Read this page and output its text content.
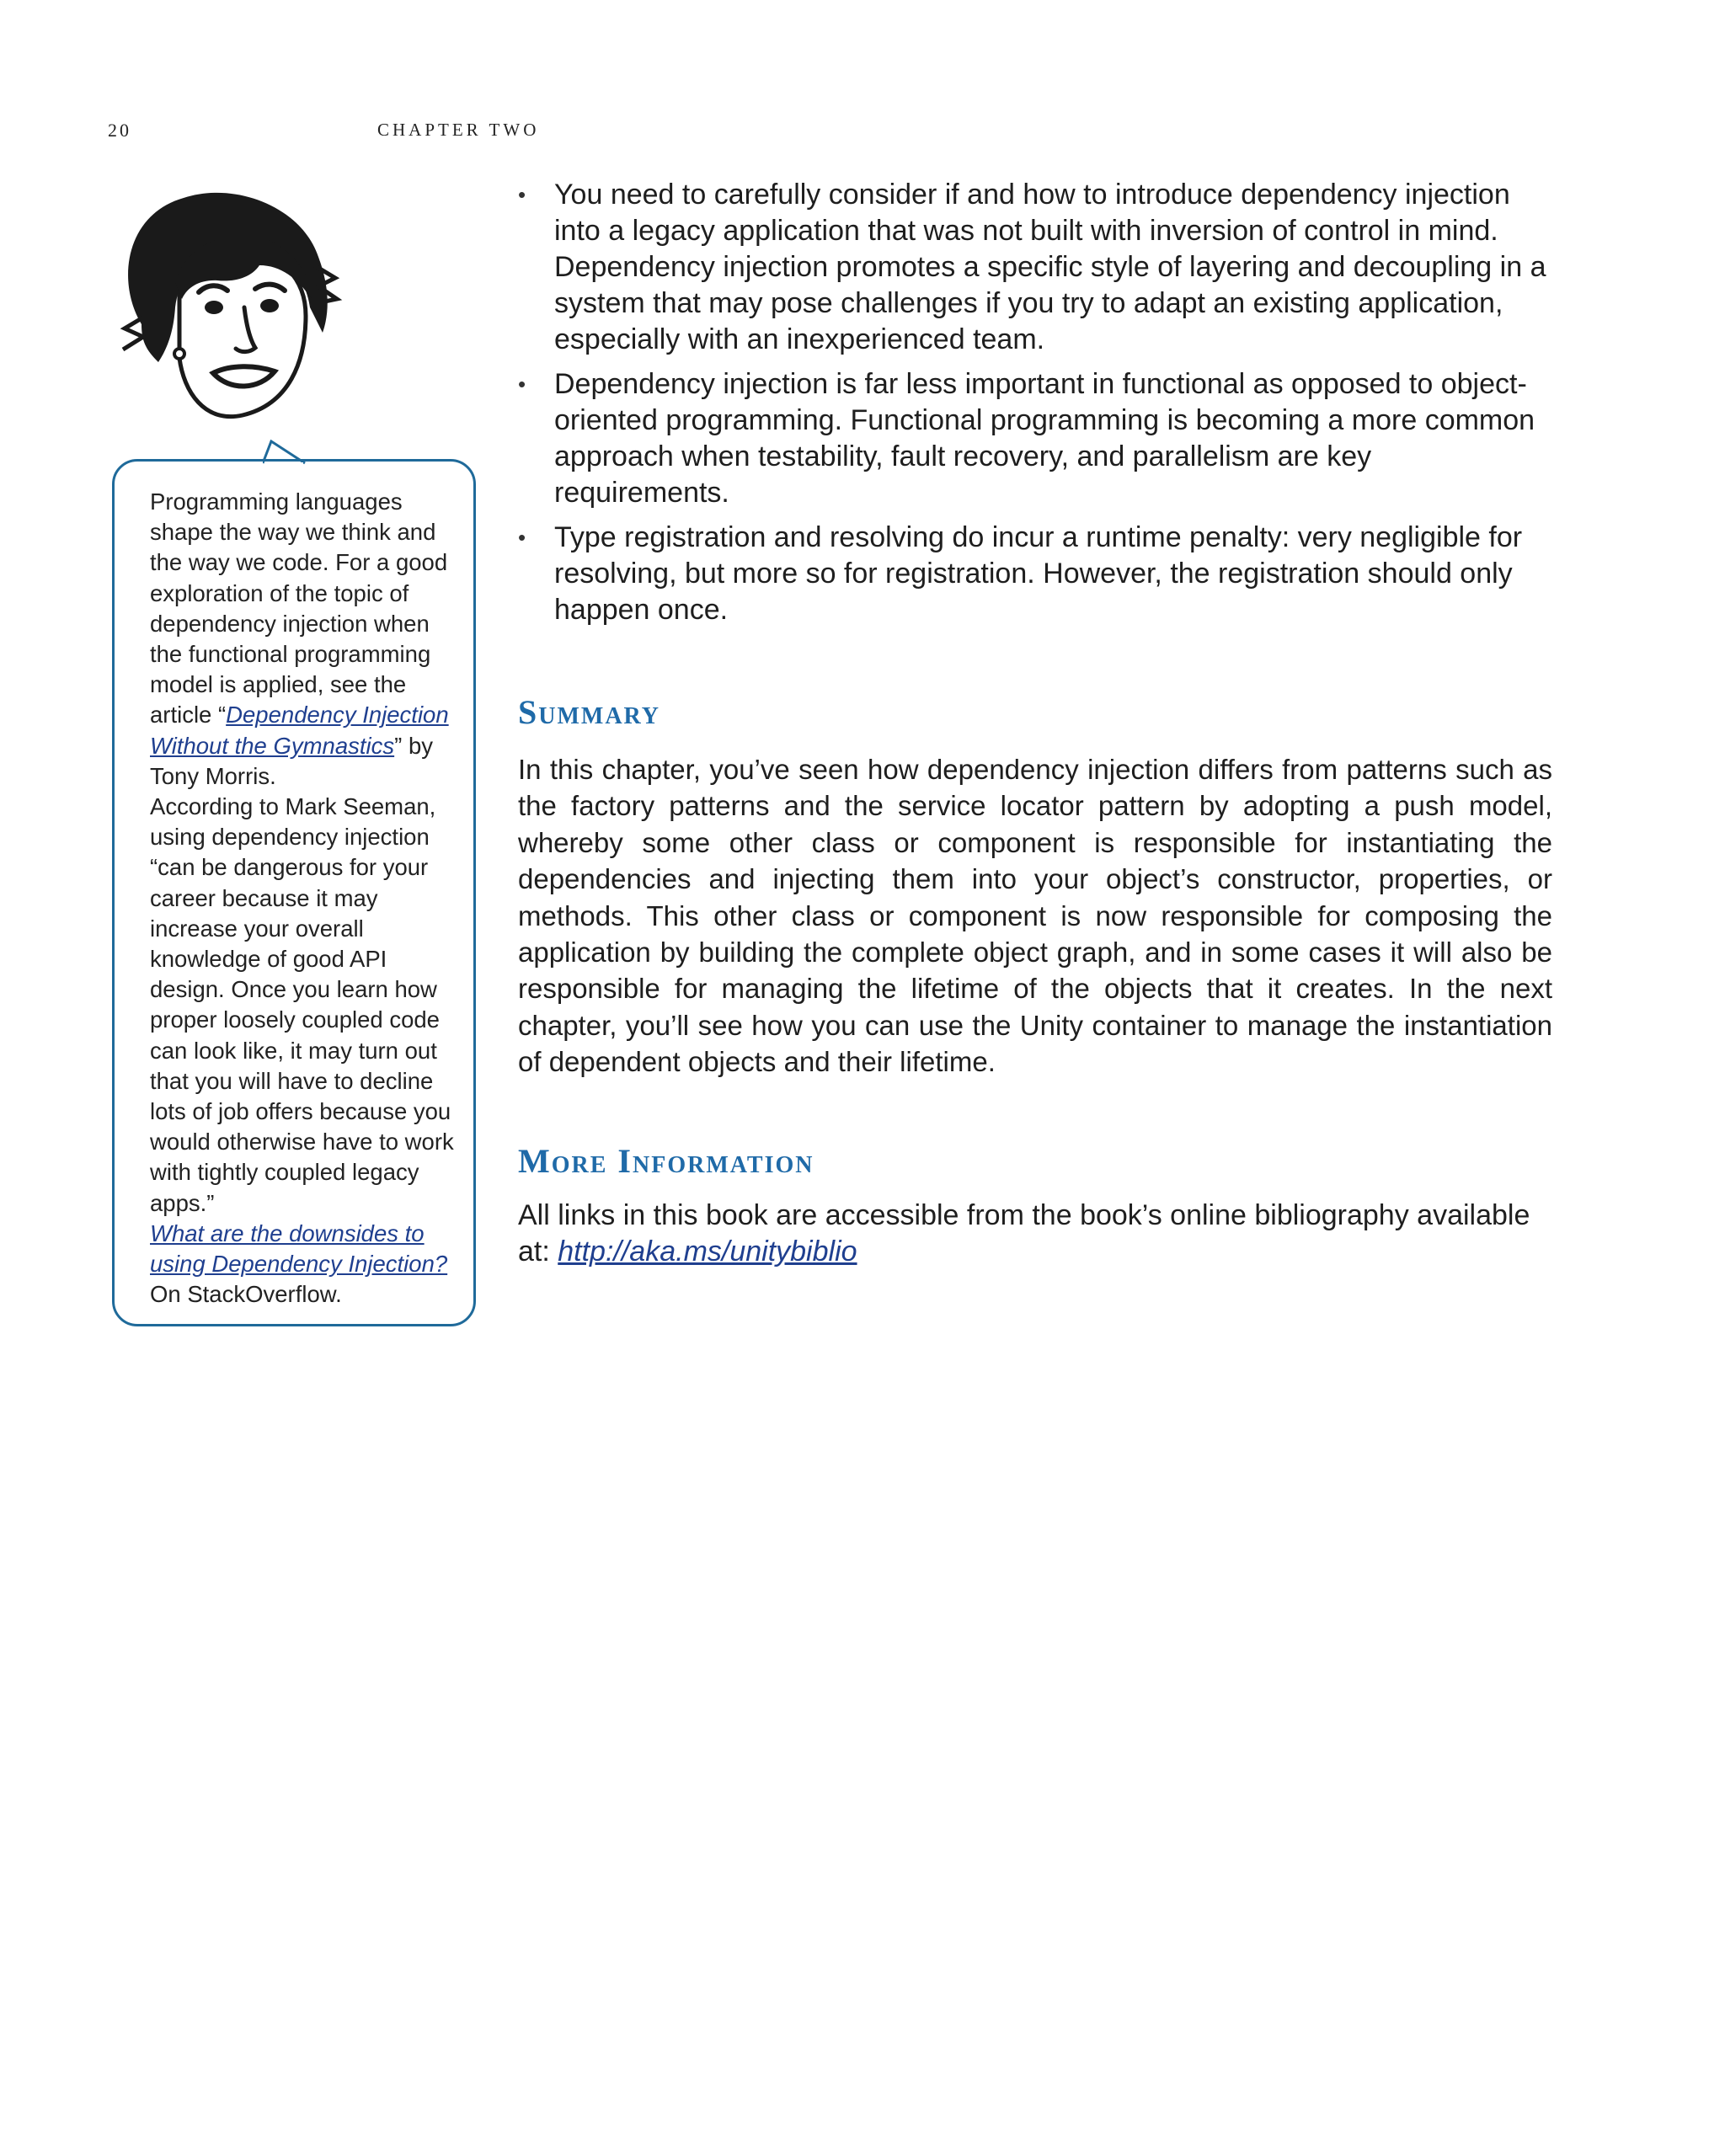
20	CHAPTER TWO
Programming languages shape the way we think and the way we code. For a good exploration of the topic of dependency injection when the functional programming model is applied, see the article “Dependency Injection Without the Gymnastics” by Tony Morris.
According to Mark Seeman, using dependency injection “can be dangerous for your career because it may increase your overall knowledge of good API design. Once you learn how proper loosely coupled code can look like, it may turn out that you will have to decline lots of job offers because you would otherwise have to work with tightly coupled legacy apps.”
What are the downsides to using Dependency Injection?
On StackOverflow.
• You need to carefully consider if and how to introduce dependency injection into a legacy application that was not built with inversion of control in mind. Dependency injection promotes a specific style of layering and decoupling in a system that may pose challenges if you try to adapt an existing application, especially with an inexperienced team.
• Dependency injection is far less important in functional as opposed to object-oriented programming. Functional programming is becoming a more common approach when testability, fault recovery, and parallelism are key requirements.
• Type registration and resolving do incur a runtime penalty: very negligible for resolving, but more so for registration. However, the registration should only happen once.
Summary

In this chapter, you’ve seen how dependency injection differs from patterns such as the factory patterns and the service locator pattern by adopting a push model, whereby some other class or component is responsible for instantiating the dependencies and injecting them into your object’s constructor, properties, or methods. This other class or component is now responsible for composing the application by building the complete object graph, and in some cases it will also be responsible for managing the lifetime of the objects that it creates. In the next chapter, you’ll see how you can use the Unity container to manage the instantiation of dependent objects and their lifetime.

More Information

All links in this book are accessible from the book’s online bibliography available at: http://aka.ms/unitybiblio
